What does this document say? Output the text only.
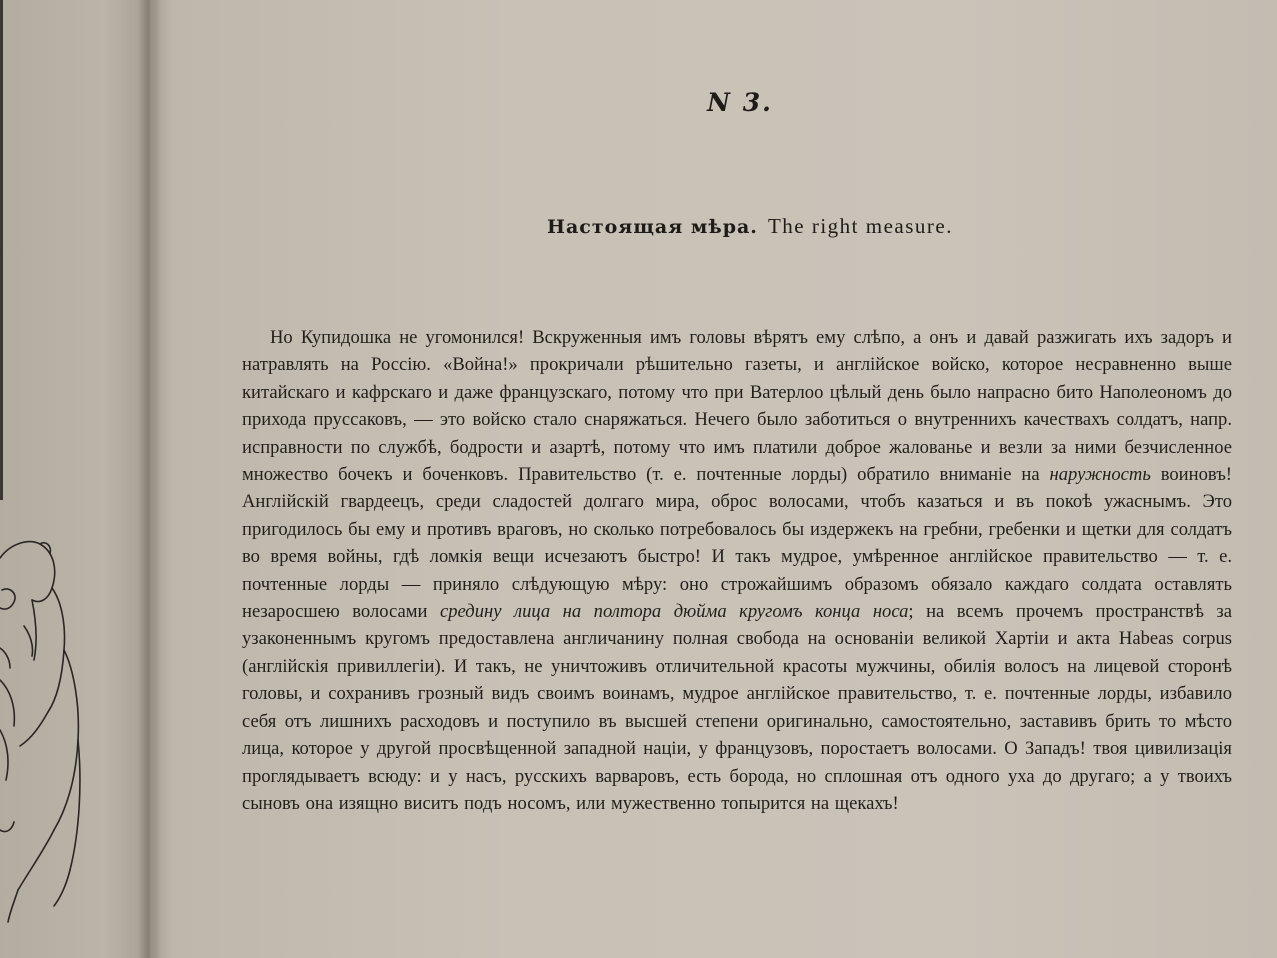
N 3.
Настоящая мѣра. The right measure.

Но Купидошка не угомонился! Вскруженныя имъ головы вѣрятъ ему слѣпо, а онъ и давай разжигать ихъ задоръ и натравлять на Россію. «Война!» прокричали рѣшительно газеты, и англійское войско, которое несравненно выше китайскаго и кафрскаго и даже французскаго, потому что при Ватерлоо цѣлый день было напрасно бито Наполеономъ до прихода пруссаковъ, — это войско стало снаряжаться. Нечего было заботиться о внутреннихъ качествахъ солдатъ, напр. исправности по службѣ, бодрости и азартѣ, потому что имъ платили доброе жалованье и везли за ними безчисленное множество бочекъ и боченковъ. Правительство (т. е. почтенные лорды) обратило вниманіе на наружность воиновъ! Англійскій гвардеецъ, среди сладостей долгаго мира, оброс волосами, чтобъ казаться и въ покоѣ ужаснымъ. Это пригодилось бы ему и противъ враговъ, но сколько потребовалось бы издержекъ на гребни, гребенки и щетки для солдатъ во время войны, гдѣ ломкія вещи исчезаютъ быстро! И такъ мудрое, умѣренное англійское правительство — т. е. почтенные лорды — приняло слѣдующую мѣру: оно строжайшимъ образомъ обязало каждаго солдата оставлять незаросшею волосами средину лица на полтора дюйма кругомъ конца носа; на всемъ прочемъ пространствѣ за узаконеннымъ кругомъ предоставлена англичанину полная свобода на основаніи великой Хартіи и акта Habeas corpus (англійскія привиллегіи). И такъ, не уничтоживъ отличительной красоты мужчины, обилія волосъ на лицевой сторонѣ головы, и сохранивъ грозный видъ своимъ воинамъ, мудрое англійское правительство, т. е. почтенные лорды, избавило себя отъ лишнихъ расходовъ и поступило въ высшей степени оригинально, самостоятельно, заставивъ брить то мѣсто лица, которое у другой просвѣщенной западной націи, у французовъ, поростаетъ волосами. О Западъ! твоя цивилизація проглядываетъ всюду: и у насъ, русскихъ варваровъ, есть борода, но сплошная отъ одного уха до другаго; а у твоихъ сыновъ она изящно виситъ подъ носомъ, или мужественно топырится на щекахъ!
